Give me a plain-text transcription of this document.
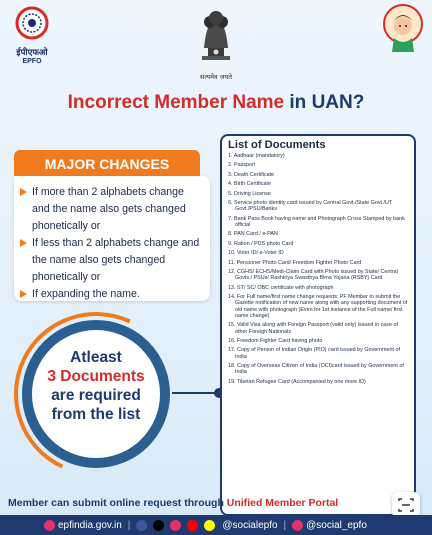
ईपीएफओ
EPFO
सत्यमेव जयते
Incorrect Member Name in UAN?
MAJOR CHANGES
If more than 2 alphabets change and the name also gets changed phonetically or
If less than 2 alphabets change and the name also gets changed phonetically or
If expanding the name.
Atleast
3 Documents
are required from the list
List of Documents
1. Aadhaar (mandatory)
2. Passport
3. Death Certificate
4. Birth Certificate
5. Driving License
6. Service photo identity card issued by Central Govt./State Govt./UT Govt./PSU/Banks
7. Bank Pass Book having name and Photograph Cross Stamped by bank official
8. PAN Card / e-PAN
9. Ration / PDS photo Card
10. Voter ID/ e-Voter ID
11. Pensioner Photo Card/ Freedom Fighter Photo Card
12. CGHS/ ECHS/Medi-Claim Card with Photo issued by State/ Central Govts./ PSUs/ Rashtriya Swasthya Bima Yojana (RSBY) Card
13. ST/ SC/ OBC certificate with photograph
14. For Full name/first name change requests: PF Member to submit the Gazette notification of new name along with any supporting document of old name with photograph (Even for 1st instance of the Full name/ first name change)
15. Valid Visa along with Foreign Passport (valid only) issued in case of other Foreign Nationals
16. Freedom Fighter Card having photo
17. Copy of Person of Indian Origin (PIO) card issued by Government of India
18. Copy of Overseas Citizen of India (OCI)card issued by Government of India
19. Tibetan Refugee Card (Accompanied by one more ID)
Member can submit online request through Unified Member Portal
epfindia.gov.in |	@socialepfo | @social_epfo
